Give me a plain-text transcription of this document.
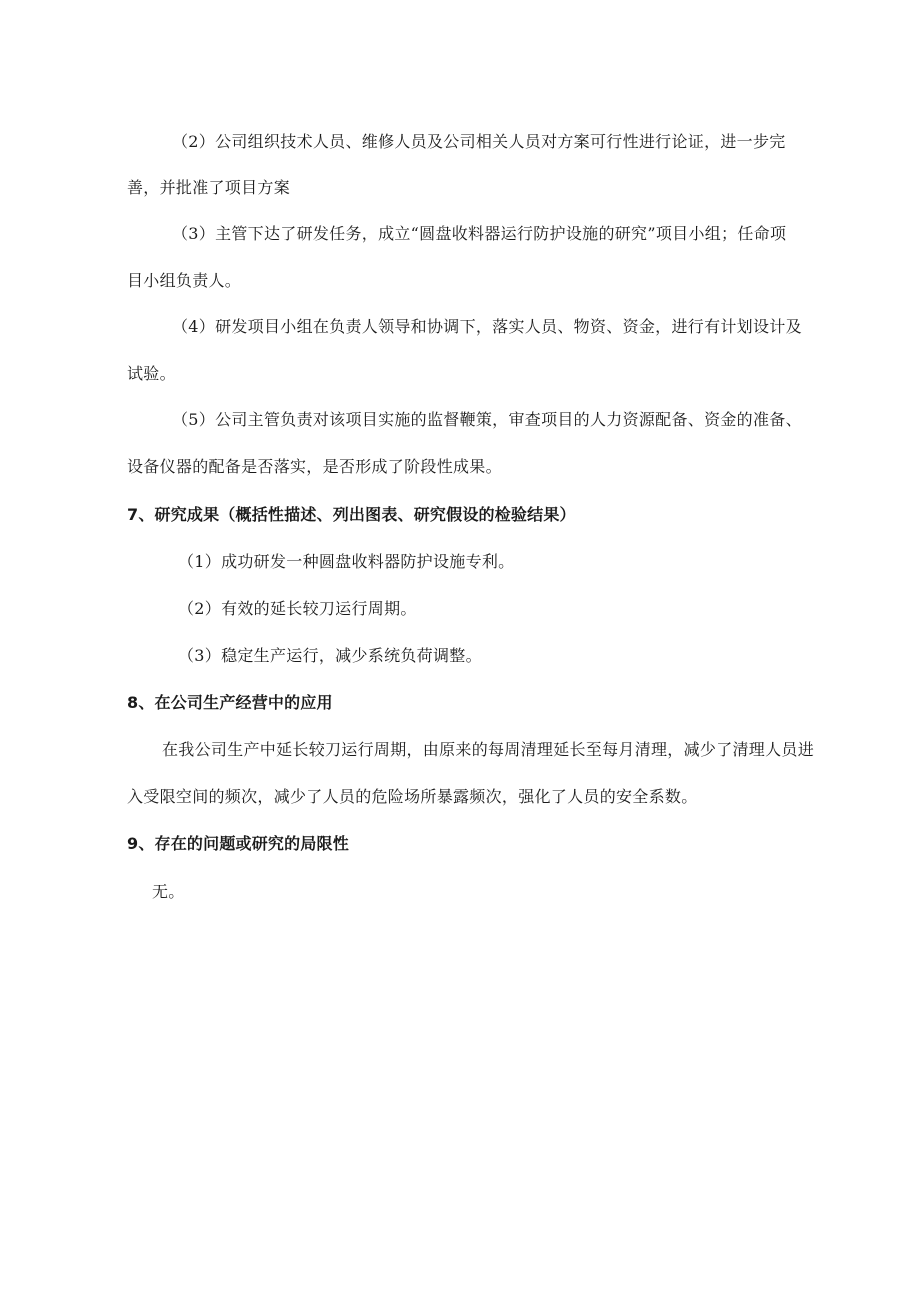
（2）公司组织技术人员、维修人员及公司相关人员对方案可行性进行论证，进一步完
善，并批准了项目方案
（3）主管下达了研发任务，成立“圆盘收料器运行防护设施的研究”项目小组；任命项
目小组负责人。
（4）研发项目小组在负责人领导和协调下，落实人员、物资、资金，进行有计划设计及
试验。
（5）公司主管负责对该项目实施的监督鞭策，审查项目的人力资源配备、资金的准备、
设备仪器的配备是否落实，是否形成了阶段性成果。
7、研究成果（概括性描述、列出图表、研究假设的检验结果）
（1）成功研发一种圆盘收料器防护设施专利。
（2）有效的延长较刀运行周期。
（3）稳定生产运行，减少系统负荷调整。
8、在公司生产经营中的应用
在我公司生产中延长较刀运行周期，由原来的每周清理延长至每月清理，减少了清理人员进
入受限空间的频次，减少了人员的危险场所暴露频次，强化了人员的安全系数。
9、存在的问题或研究的局限性
无。
